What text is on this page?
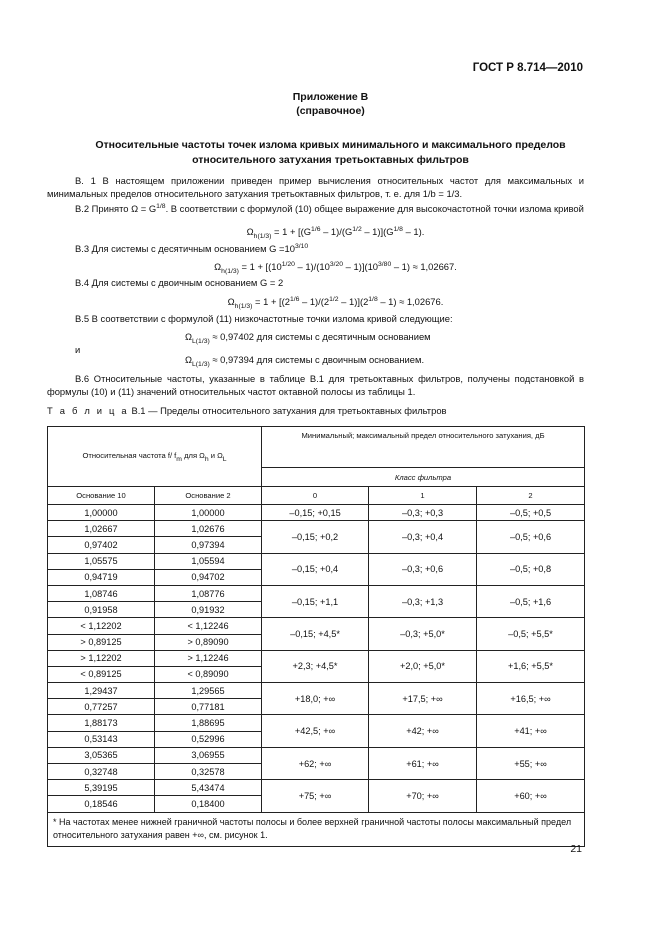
ГОСТ Р 8.714—2010
Приложение В
(справочное)
Относительные частоты точек излома кривых минимального и максимального пределов относительного затухания третьоктавных фильтров
В. 1 В настоящем приложении приведен пример вычисления относительных частот для максимальных и минимальных пределов относительного затухания третьоктавных фильтров, т. е. для 1/b = 1/3.
В.2 Принято $\Omega = G^{1/8}$. В соответствии с формулой (10) общее выражение для высокочастотной точки излома кривой
$\Omega_{h(1/3)} = 1 + [(G^{1/6} - 1)/(G^{1/2} - 1)](G^{1/8} - 1)$.
В.3 Для системы с десятичным основанием $G =10^{3/10}$
$\Omega_{h(1/3)} = 1 + [(10^{1/20} - 1)/(10^{3/20} - 1)](10^{3/80} - 1) \approx 1,02667$.
В.4 Для системы с двоичным основанием G = 2
$\Omega_{h(1/3)} = 1 + [(2^{1/6} - 1)/(2^{1/2} - 1)](2^{1/8} - 1) \approx 1,02676$.
В.5 В соответствии с формулой (11) низкочастотные точки излома кривой следующие:
$\Omega_{L(1/3)} \approx 0,97402$ для системы с десятичным основанием
и
$\Omega_{L(1/3)} \approx 0,97394$ для системы с двоичным основанием.
В.6 Относительные частоты, указанные в таблице В.1 для третьоктавных фильтров, получены подстановкой в формулы (10) и (11) значений относительных частот октавной полосы из таблицы 1.
Т а б л и ц а В.1 — Пределы относительного затухания для третьоктавных фильтров
Относительная частота f/ fm для Ωh и ΩL		Минимальный; максимальный предел относительного затухания, дБ		
		Класс фильтра		
Основание 10	Основание 2	0	1	2
1,00000	1,00000	–0,15; +0,15	–0,3; +0,3	–0,5; +0,5
1,02667	1,02676	–0,15; +0,2	–0,3; +0,4	–0,5; +0,6
0,97402	0,97394			
1,05575	1,05594	–0,15; +0,4	–0,3; +0,6	–0,5; +0,8
0,94719	0,94702			
1,08746	1,08776	–0,15; +1,1	–0,3; +1,3	–0,5; +1,6
0,91958	0,91932			
< 1,12202	< 1,12246	–0,15; +4,5*	–0,3; +5,0*	–0,5; +5,5*
> 0,89125	> 0,89090			
> 1,12202	> 1,12246	+2,3; +4,5*	+2,0; +5,0*	+1,6; +5,5*
< 0,89125	< 0,89090			
1,29437	1,29565	+18,0; +∞	+17,5; +∞	+16,5; +∞
0,77257	0,77181			
1,88173	1,88695	+42,5; +∞	+42; +∞	+41; +∞
0,53143	0,52996			
3,05365	3,06955	+62; +∞	+61; +∞	+55; +∞
0,32748	0,32578			
5,39195	5,43474	+75; +∞	+70; +∞	+60; +∞
0,18546	0,18400			
* На частотах менее нижней граничной частоты полосы и более верхней граничной частоты полосы максимальный предел относительного затухания равен +∞, см. рисунок 1.				
21
